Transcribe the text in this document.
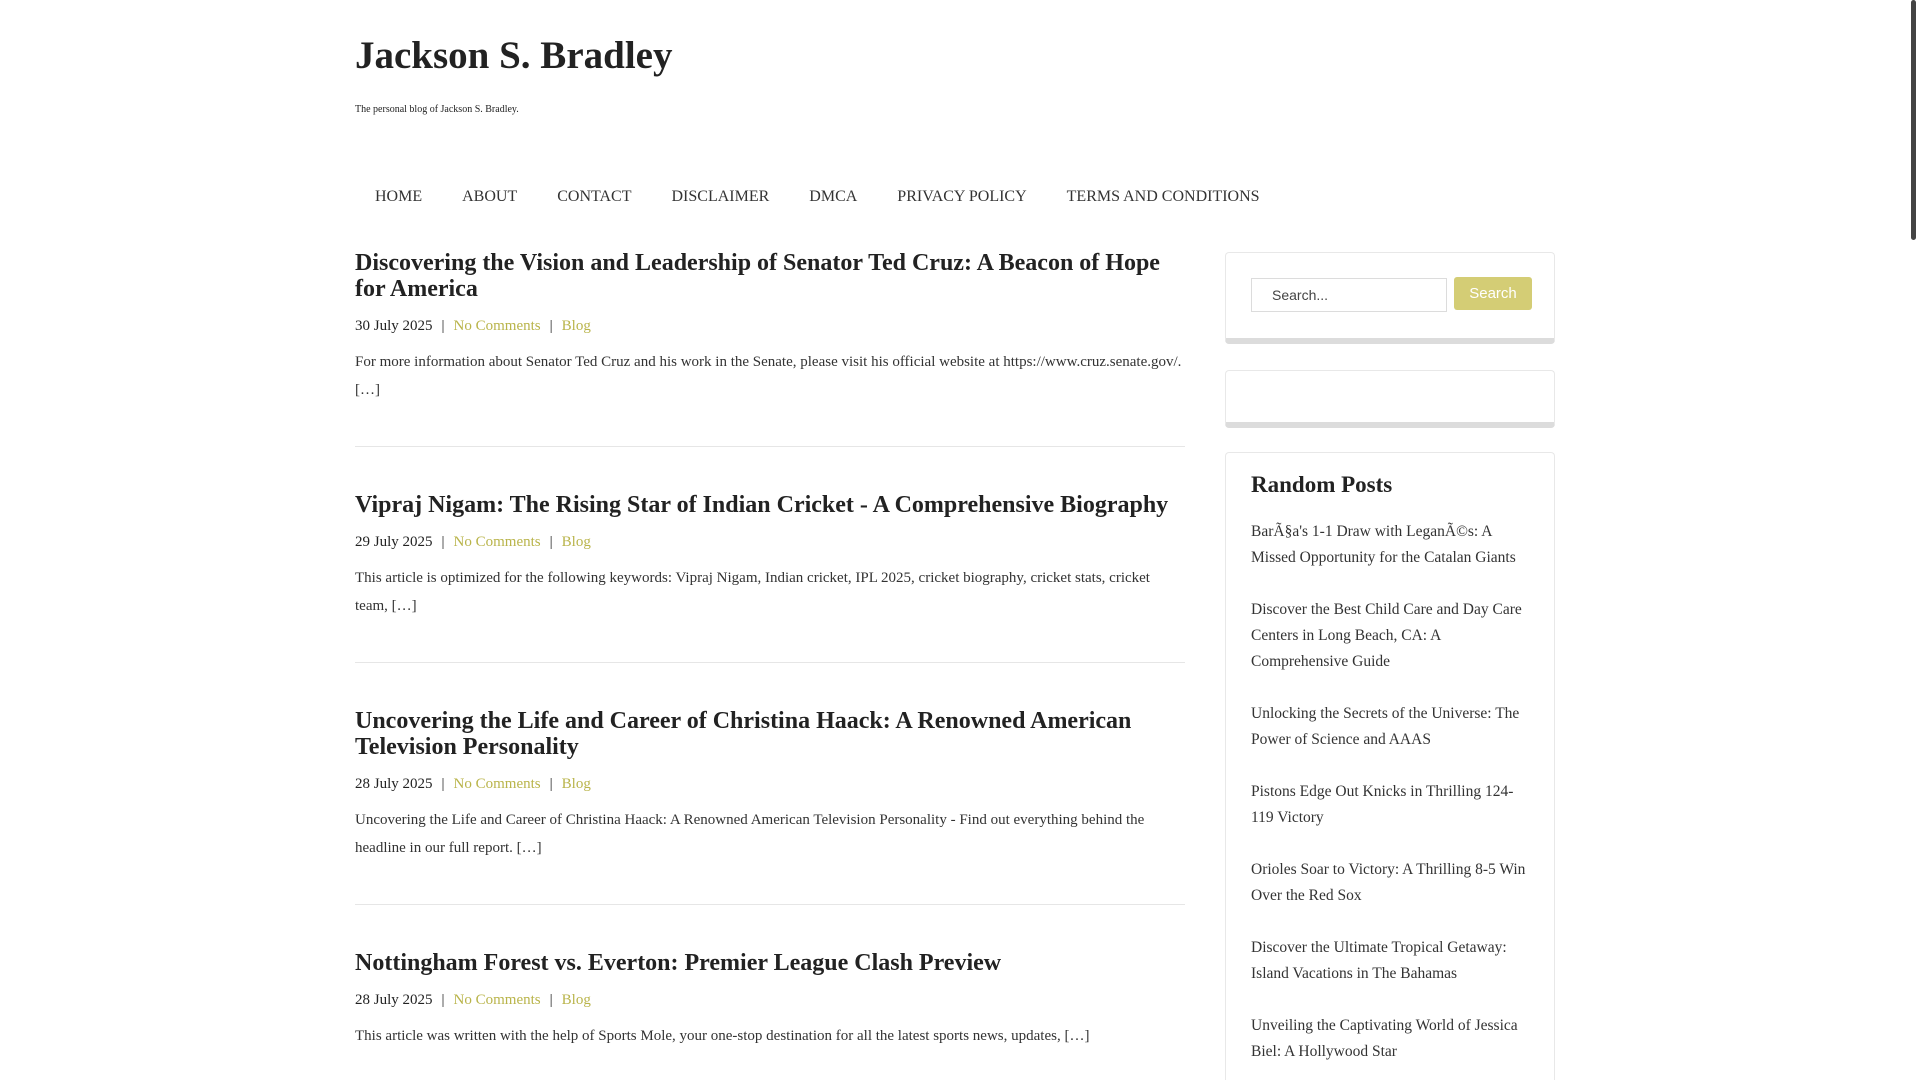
Jackson S. Bradley
The personal blog of Jackson S. Bradley.
HOME	ABOUT	CONTACT	DISCLAIMER	DMCA	PRIVACY POLICY	TERMS AND CONDITIONS
Discovering the Vision and Leadership of Senator Ted Cruz: A Beacon of Hope for America
30 July 2025 | No Comments | Blog
For more information about Senator Ted Cruz and his work in the Senate, please visit his official website at https://www.cruz.senate.gov/. […]
Vipraj Nigam: The Rising Star of Indian Cricket - A Comprehensive Biography
29 July 2025 | No Comments | Blog
This article is optimized for the following keywords: Vipraj Nigam, Indian cricket, IPL 2025, cricket biography, cricket stats, cricket team, […]
Uncovering the Life and Career of Christina Haack: A Renowned American Television Personality
28 July 2025 | No Comments | Blog
Uncovering the Life and Career of Christina Haack: A Renowned American Television Personality - Find out everything behind the headline in our full report. […]
Nottingham Forest vs. Everton: Premier League Clash Preview
28 July 2025 | No Comments | Blog
This article was written with the help of Sports Mole, your one-stop destination for all the latest sports news, updates, […]
Search...
Search
Random Posts
BarÃ§a's 1-1 Draw with LeganÃ©s: A Missed Opportunity for the Catalan Giants
Discover the Best Child Care and Day Care Centers in Long Beach, CA: A Comprehensive Guide
Unlocking the Secrets of the Universe: The Power of Science and AAAS
Pistons Edge Out Knicks in Thrilling 124-119 Victory
Orioles Soar to Victory: A Thrilling 8-5 Win Over the Red Sox
Discover the Ultimate Tropical Getaway: Island Vacations in The Bahamas
Unveiling the Captivating World of Jessica Biel: A Hollywood Star
